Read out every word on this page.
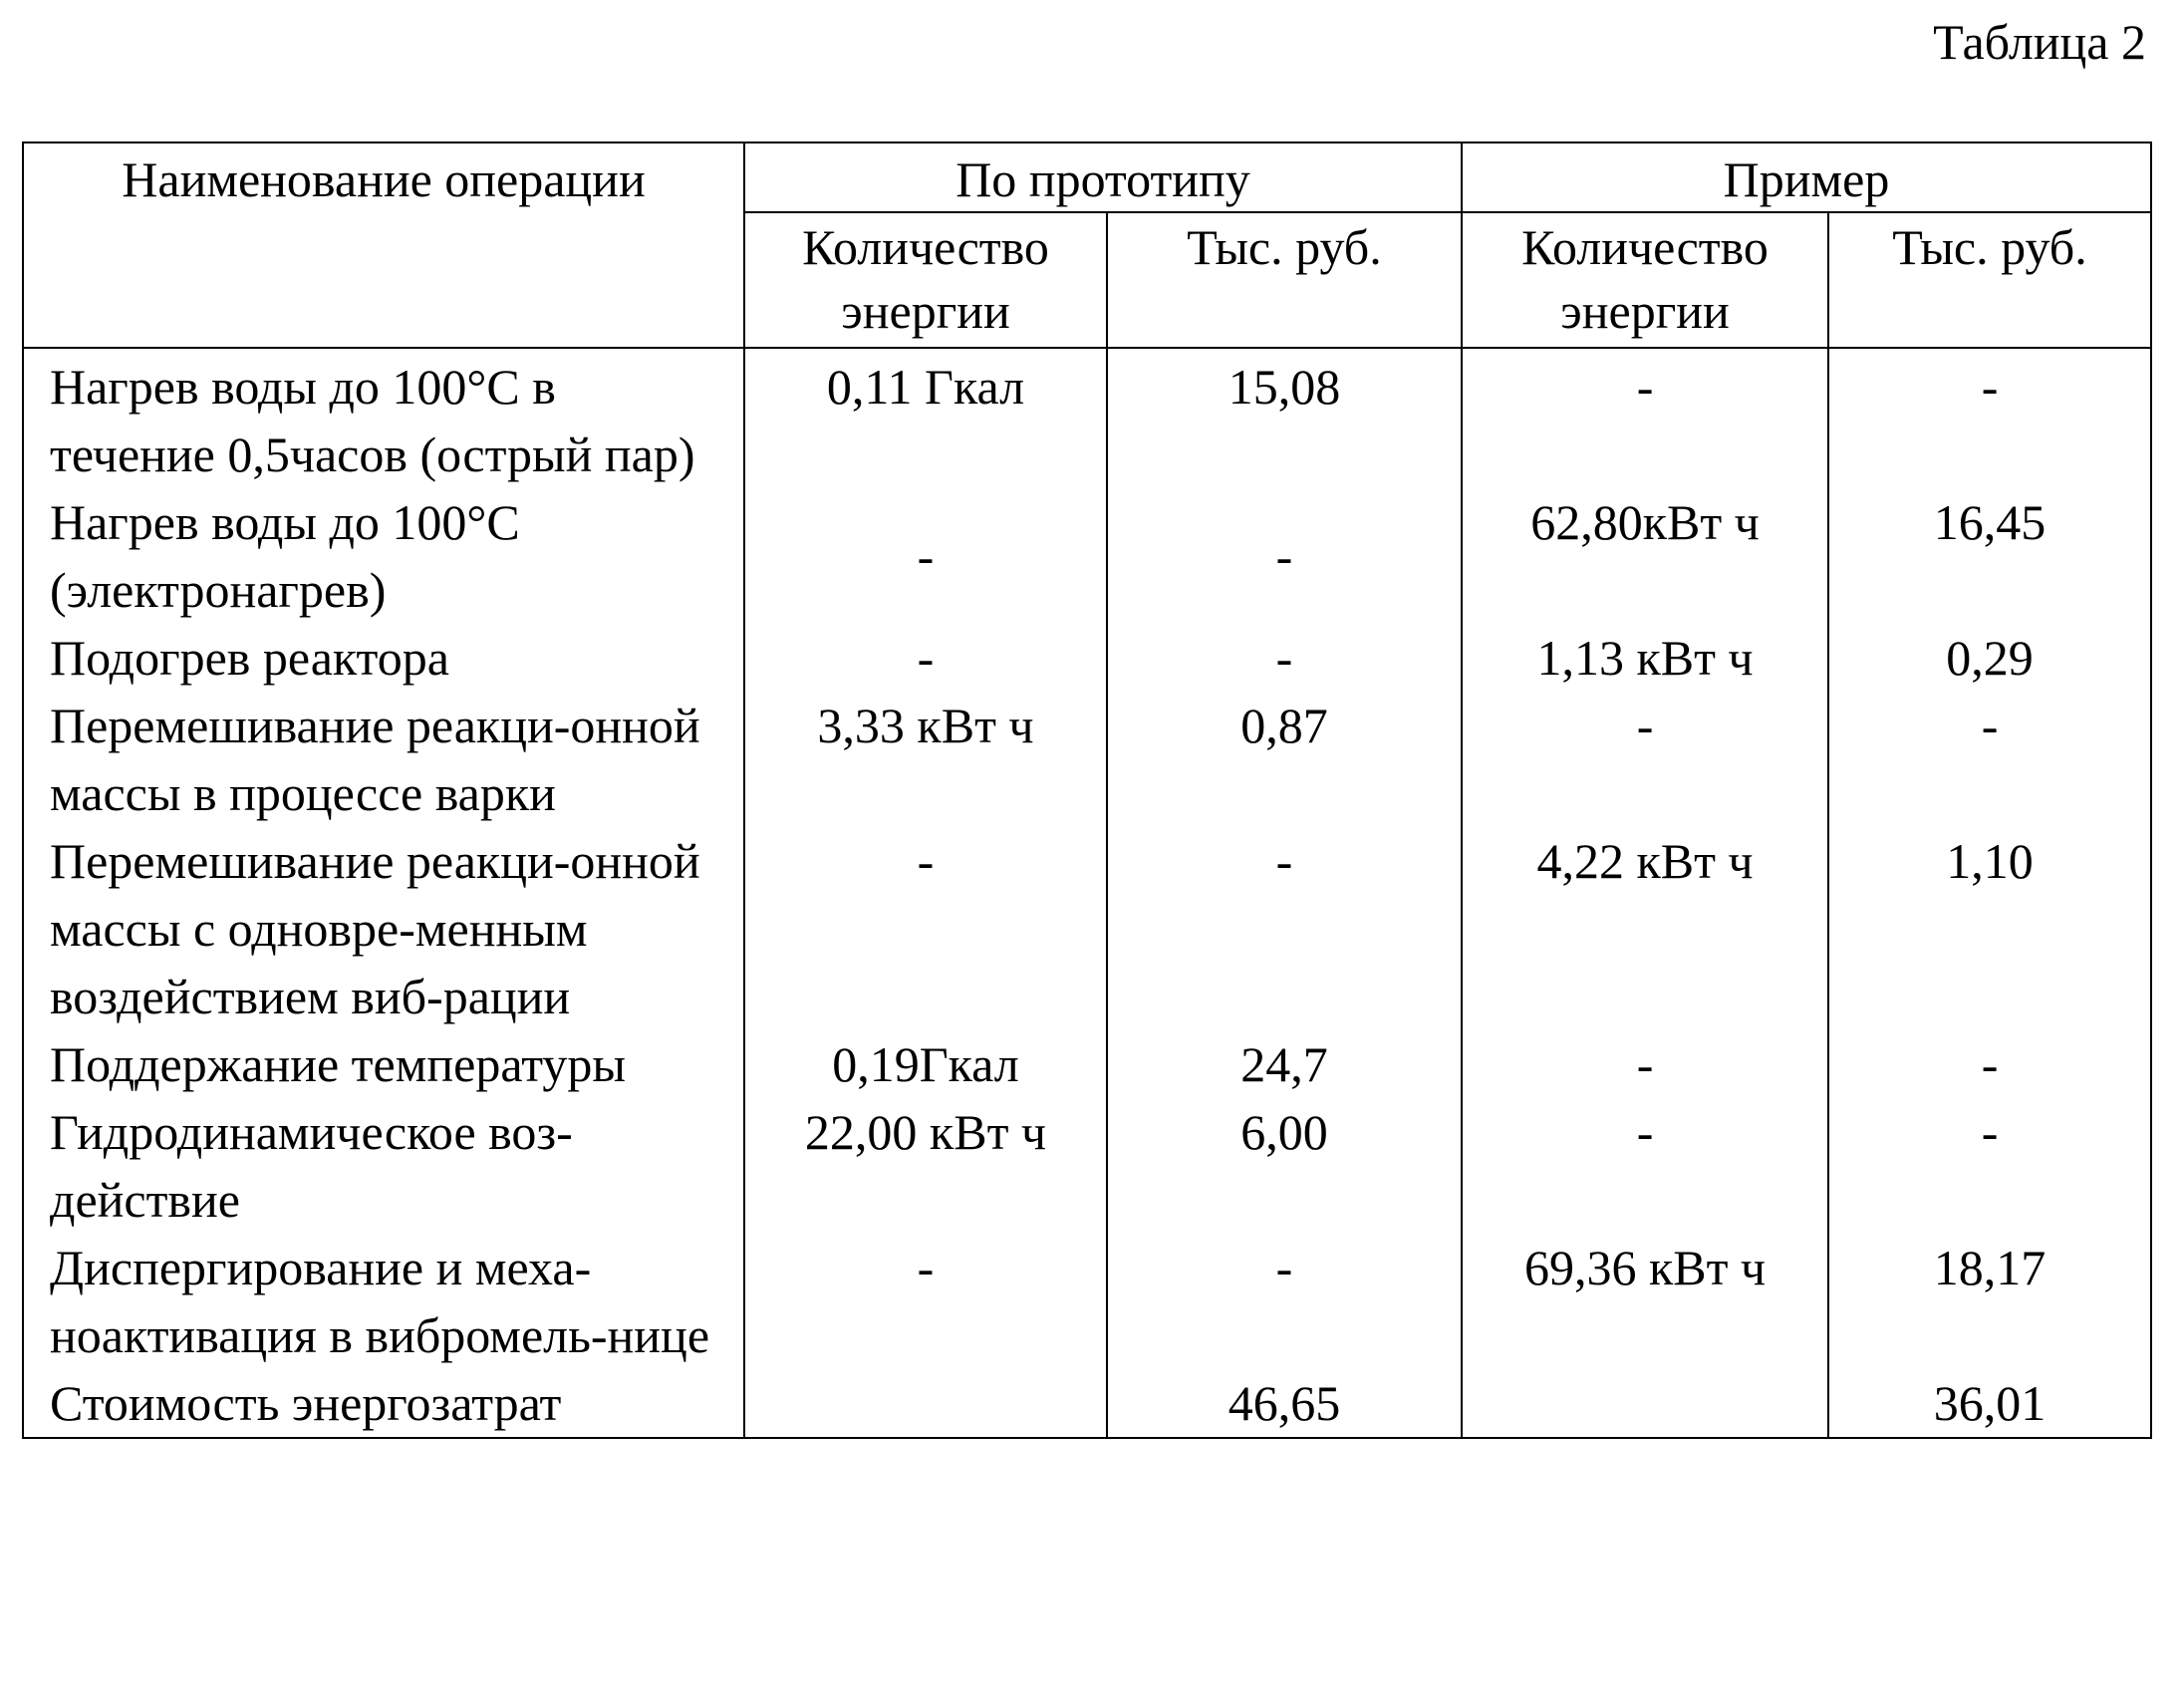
Таблица 2
Наименование операции	По прототипу		Пример	
	Количество энергии	Тыс. руб.	Количество энергии	Тыс. руб.
Нагрев воды до 100°С в течение 0,5часов (острый пар)	0,11 Гкал	15,08	-	-
Нагрев воды до 100°С (электронагрев)	-	-	62,80кВт ч	16,45
Подогрев реактора	-	-	1,13 кВт ч	0,29
Перемешивание реакци-онной массы в процессе варки	3,33 кВт ч	0,87	-	-
Перемешивание реакци-онной массы с одновре-менным воздействием виб-рации	-	-	4,22 кВт ч	1,10
Поддержание температуры	0,19Гкал	24,7	-	-
Гидродинамическое воз-действие	22,00 кВт ч	6,00	-	-
Диспергирование и меха-ноактивация в вибромель-нице	-	-	69,36 кВт ч	18,17
Стоимость энергозатрат		46,65		36,01
